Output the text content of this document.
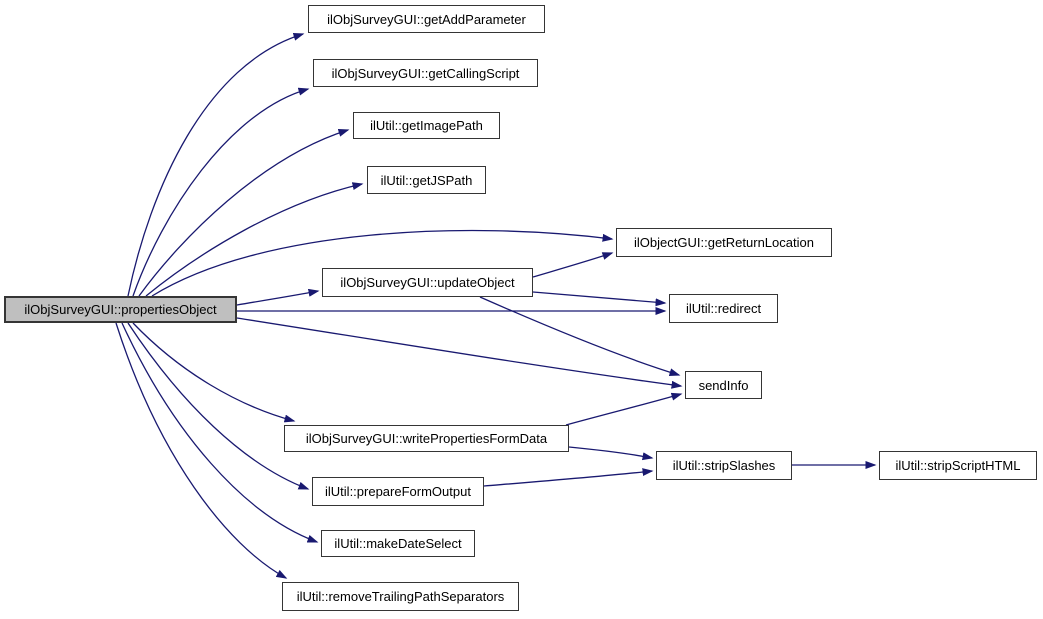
ilObjSurveyGUI::propertiesObject
ilObjSurveyGUI::getAddParameter
ilObjSurveyGUI::getCallingScript
ilUtil::getImagePath
ilUtil::getJSPath
ilObjectGUI::getReturnLocation
ilObjSurveyGUI::updateObject
ilUtil::redirect
sendInfo
ilObjSurveyGUI::writePropertiesFormData
ilUtil::prepareFormOutput
ilUtil::makeDateSelect
ilUtil::removeTrailingPathSeparators
ilUtil::stripSlashes	ilUtil::stripScriptHTML
